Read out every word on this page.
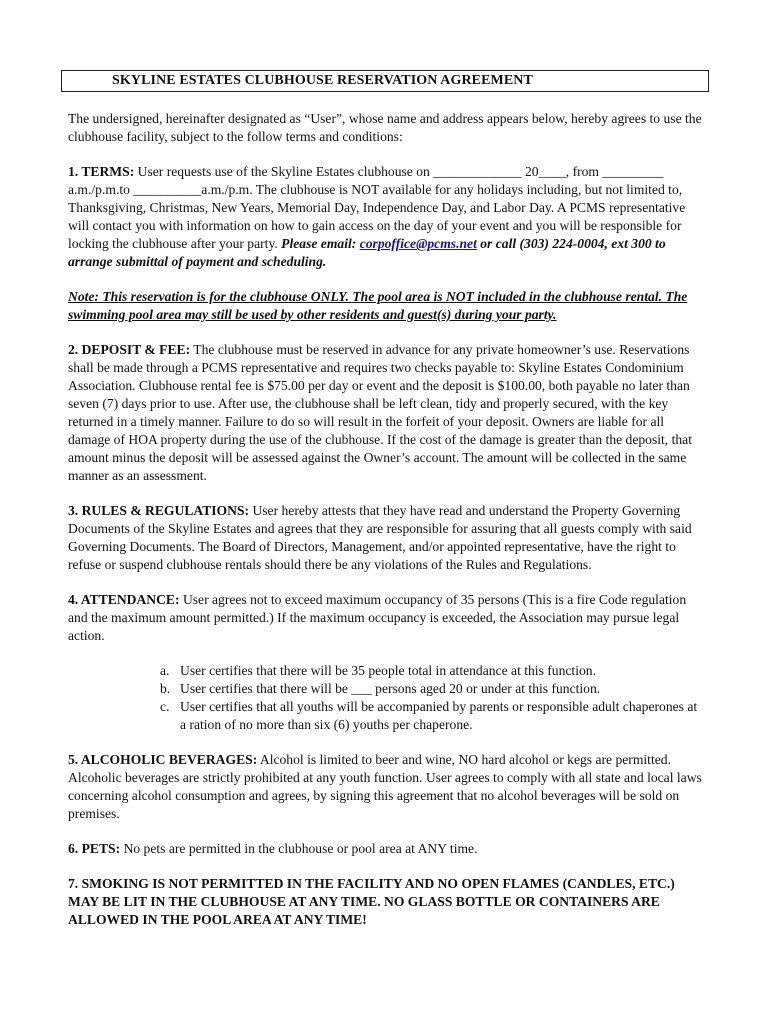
SKYLINE ESTATES CLUBHOUSE RESERVATION AGREEMENT

The undersigned, hereinafter designated as “User”, whose name and address appears below, hereby agrees to use the clubhouse facility, subject to the follow terms and conditions:

1. TERMS: User requests use of the Skyline Estates clubhouse on _____________ 20____, from _________ a.m./p.m.to __________a.m./p.m. The clubhouse is NOT available for any holidays including, but not limited to, Thanksgiving, Christmas, New Years, Memorial Day, Independence Day, and Labor Day. A PCMS representative will contact you with information on how to gain access on the day of your event and you will be responsible for locking the clubhouse after your party. Please email: corpoffice@pcms.net or call (303) 224-0004, ext 300 to arrange submittal of payment and scheduling.

Note: This reservation is for the clubhouse ONLY. The pool area is NOT included in the clubhouse rental. The swimming pool area may still be used by other residents and guest(s) during your party.

2. DEPOSIT & FEE: The clubhouse must be reserved in advance for any private homeowner’s use. Reservations shall be made through a PCMS representative and requires two checks payable to: Skyline Estates Condominium Association. Clubhouse rental fee is $75.00 per day or event and the deposit is $100.00, both payable no later than seven (7) days prior to use. After use, the clubhouse shall be left clean, tidy and properly secured, with the key returned in a timely manner. Failure to do so will result in the forfeit of your deposit. Owners are liable for all damage of HOA property during the use of the clubhouse. If the cost of the damage is greater than the deposit, that amount minus the deposit will be assessed against the Owner’s account. The amount will be collected in the same manner as an assessment.

3. RULES & REGULATIONS: User hereby attests that they have read and understand the Property Governing Documents of the Skyline Estates and agrees that they are responsible for assuring that all guests comply with said Governing Documents. The Board of Directors, Management, and/or appointed representative, have the right to refuse or suspend clubhouse rentals should there be any violations of the Rules and Regulations.

4. ATTENDANCE: User agrees not to exceed maximum occupancy of 35 persons (This is a fire Code regulation and the maximum amount permitted.) If the maximum occupancy is exceeded, the Association may pursue legal action.

a. User certifies that there will be 35 people total in attendance at this function.
b. User certifies that there will be ___ persons aged 20 or under at this function.
c. User certifies that all youths will be accompanied by parents or responsible adult chaperones at a ration of no more than six (6) youths per chaperone.

5. ALCOHOLIC BEVERAGES: Alcohol is limited to beer and wine, NO hard alcohol or kegs are permitted. Alcoholic beverages are strictly prohibited at any youth function. User agrees to comply with all state and local laws concerning alcohol consumption and agrees, by signing this agreement that no alcohol beverages will be sold on premises.

6. PETS: No pets are permitted in the clubhouse or pool area at ANY time.

7. SMOKING IS NOT PERMITTED IN THE FACILITY AND NO OPEN FLAMES (CANDLES, ETC.) MAY BE LIT IN THE CLUBHOUSE AT ANY TIME. NO GLASS BOTTLE OR CONTAINERS ARE ALLOWED IN THE POOL AREA AT ANY TIME!
